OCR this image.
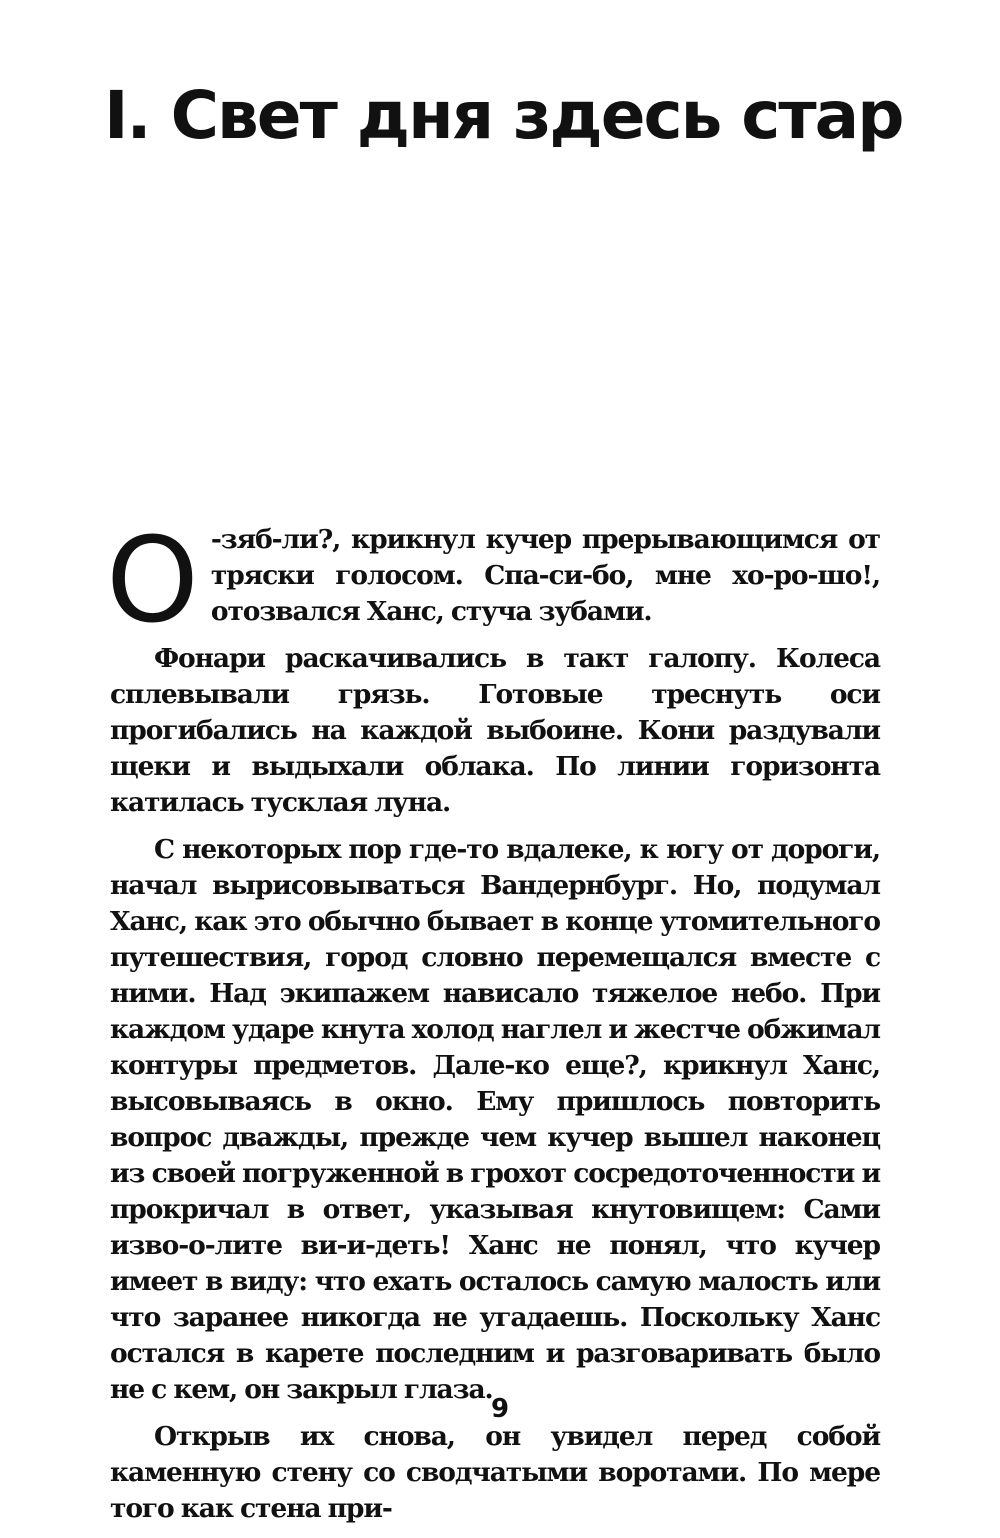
I. Свет дня здесь стар

О -зяб-ли?, крикнул кучер прерывающимся от тряски голосом. Спа-си-бо, мне хо-ро-шо!, отозвался Ханс, стуча зубами.

Фонари раскачивались в такт галопу. Колеса сплевывали грязь. Готовые треснуть оси прогибались на каждой выбоине. Кони раздували щеки и выдыхали облака. По линии горизонта катилась тусклая луна.

С некоторых пор где-то вдалеке, к югу от дороги, начал вырисовываться Вандернбург. Но, подумал Ханс, как это обычно бывает в конце утомительного путешествия, город словно перемещался вместе с ними. Над экипажем нависало тяжелое небо. При каждом ударе кнута холод наглел и жестче обжимал контуры предметов. Дале-ко еще?, крикнул Ханс, высовываясь в окно. Ему пришлось повторить вопрос дважды, прежде чем кучер вышел наконец из своей погруженной в грохот сосредоточенности и прокричал в ответ, указывая кнутовищем: Сами изво-о-лите ви-и-деть! Ханс не понял, что кучер имеет в виду: что ехать осталось самую малость или что заранее никогда не угадаешь. Поскольку Ханс остался в карете последним и разговаривать было не с кем, он закрыл глаза.

Открыв их снова, он увидел перед собой каменную стену со сводчатыми воротами. По мере того как стена при-

9
